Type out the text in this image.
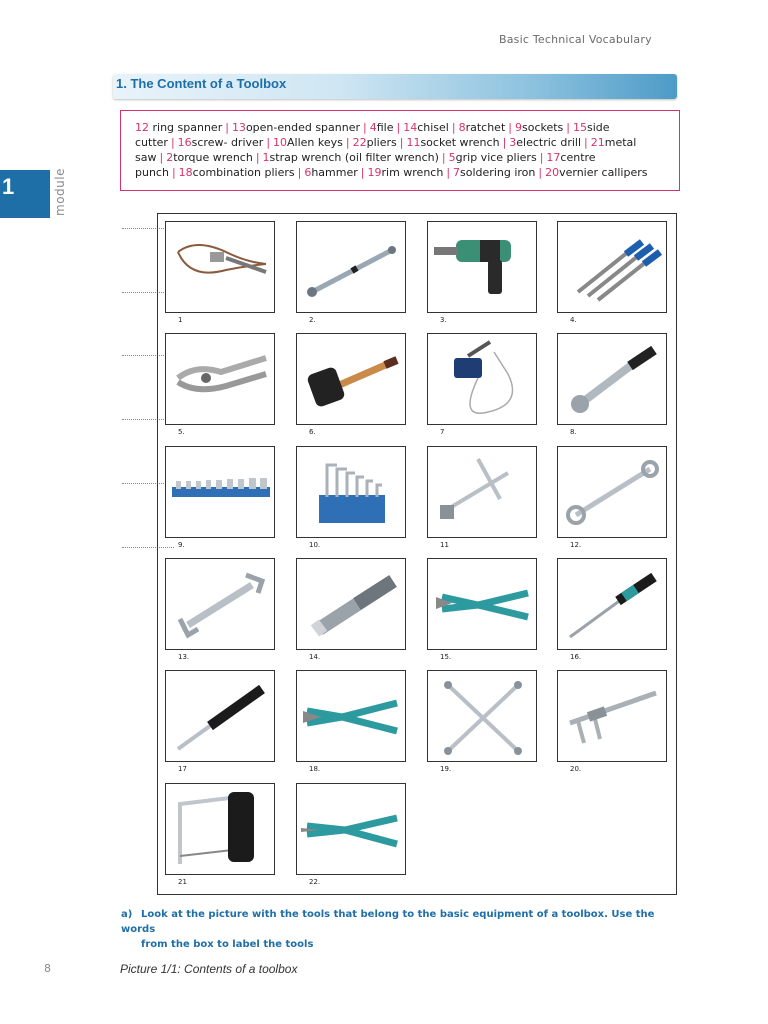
Basic Technical Vocabulary
1. The Content of a Toolbox
1	module
12 ring spanner | 13open-ended spanner | 4file | 14chisel | 8ratchet | 9sockets | 15side cutter | 16screw- driver | 10Allen keys | 22pliers | 11socket wrench | 3electric drill | 21metal saw | 2torque wrench | 1strap wrench (oil filter wrench) | 5grip vice pliers | 17centre punch | 18combination pliers | 6hammer | 19rim wrench | 7soldering iron | 20vernier callipers
1	2.	3.	4.
5.	6.	7	8.
9.	10.	11	12.
13.	14.	15.	16.
17	18.	19.	20.
21	22.
a) Look at the picture with the tools that belong to the basic equipment of a toolbox. Use the words
from the box to label the tools
8	Picture 1/1: Contents of a toolbox
